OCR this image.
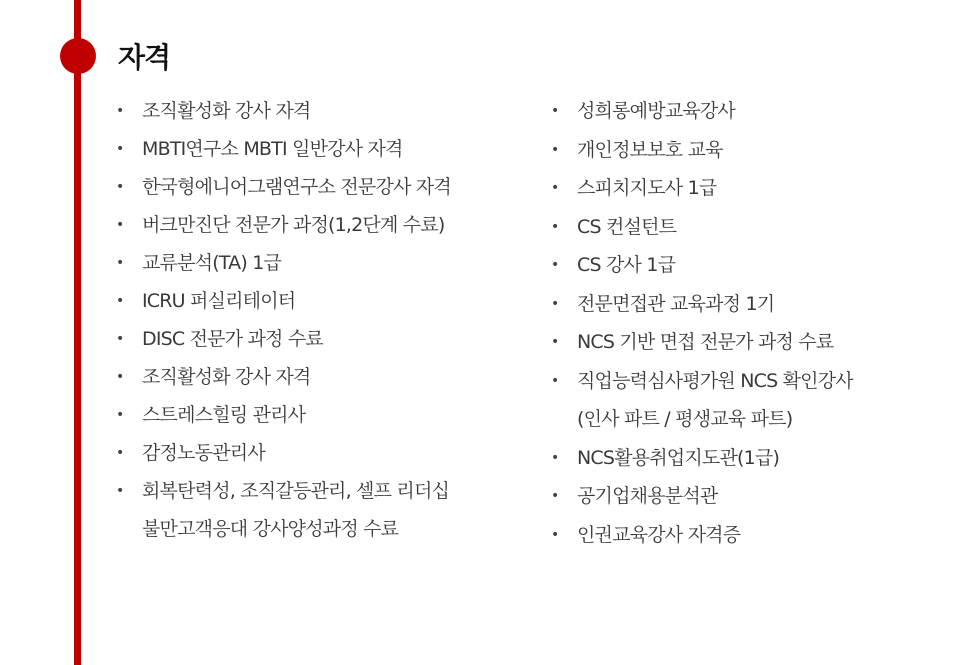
자격
• 조직활성화 강사 자격
• MBTI연구소 MBTI 일반강사 자격
• 한국형에니어그램연구소 전문강사 자격
• 버크만진단 전문가 과정(1,2단계 수료)
• 교류분석(TA) 1급
• ICRU 퍼실리테이터
• DISC 전문가 과정 수료
• 조직활성화 강사 자격
• 스트레스힐링 관리사
• 감정노동관리사
• 회복탄력성, 조직갈등관리, 셀프 리더십
불만고객응대 강사양성과정 수료
• 성희롱예방교육강사
• 개인정보보호 교육
• 스피치지도사 1급
• CS 컨설턴트
• CS 강사 1급
• 전문면접관 교육과정 1기
• NCS 기반 면접 전문가 과정 수료
• 직업능력심사평가원 NCS 확인강사
(인사 파트 / 평생교육 파트)
• NCS활용취업지도관(1급)
• 공기업채용분석관
• 인권교육강사 자격증
